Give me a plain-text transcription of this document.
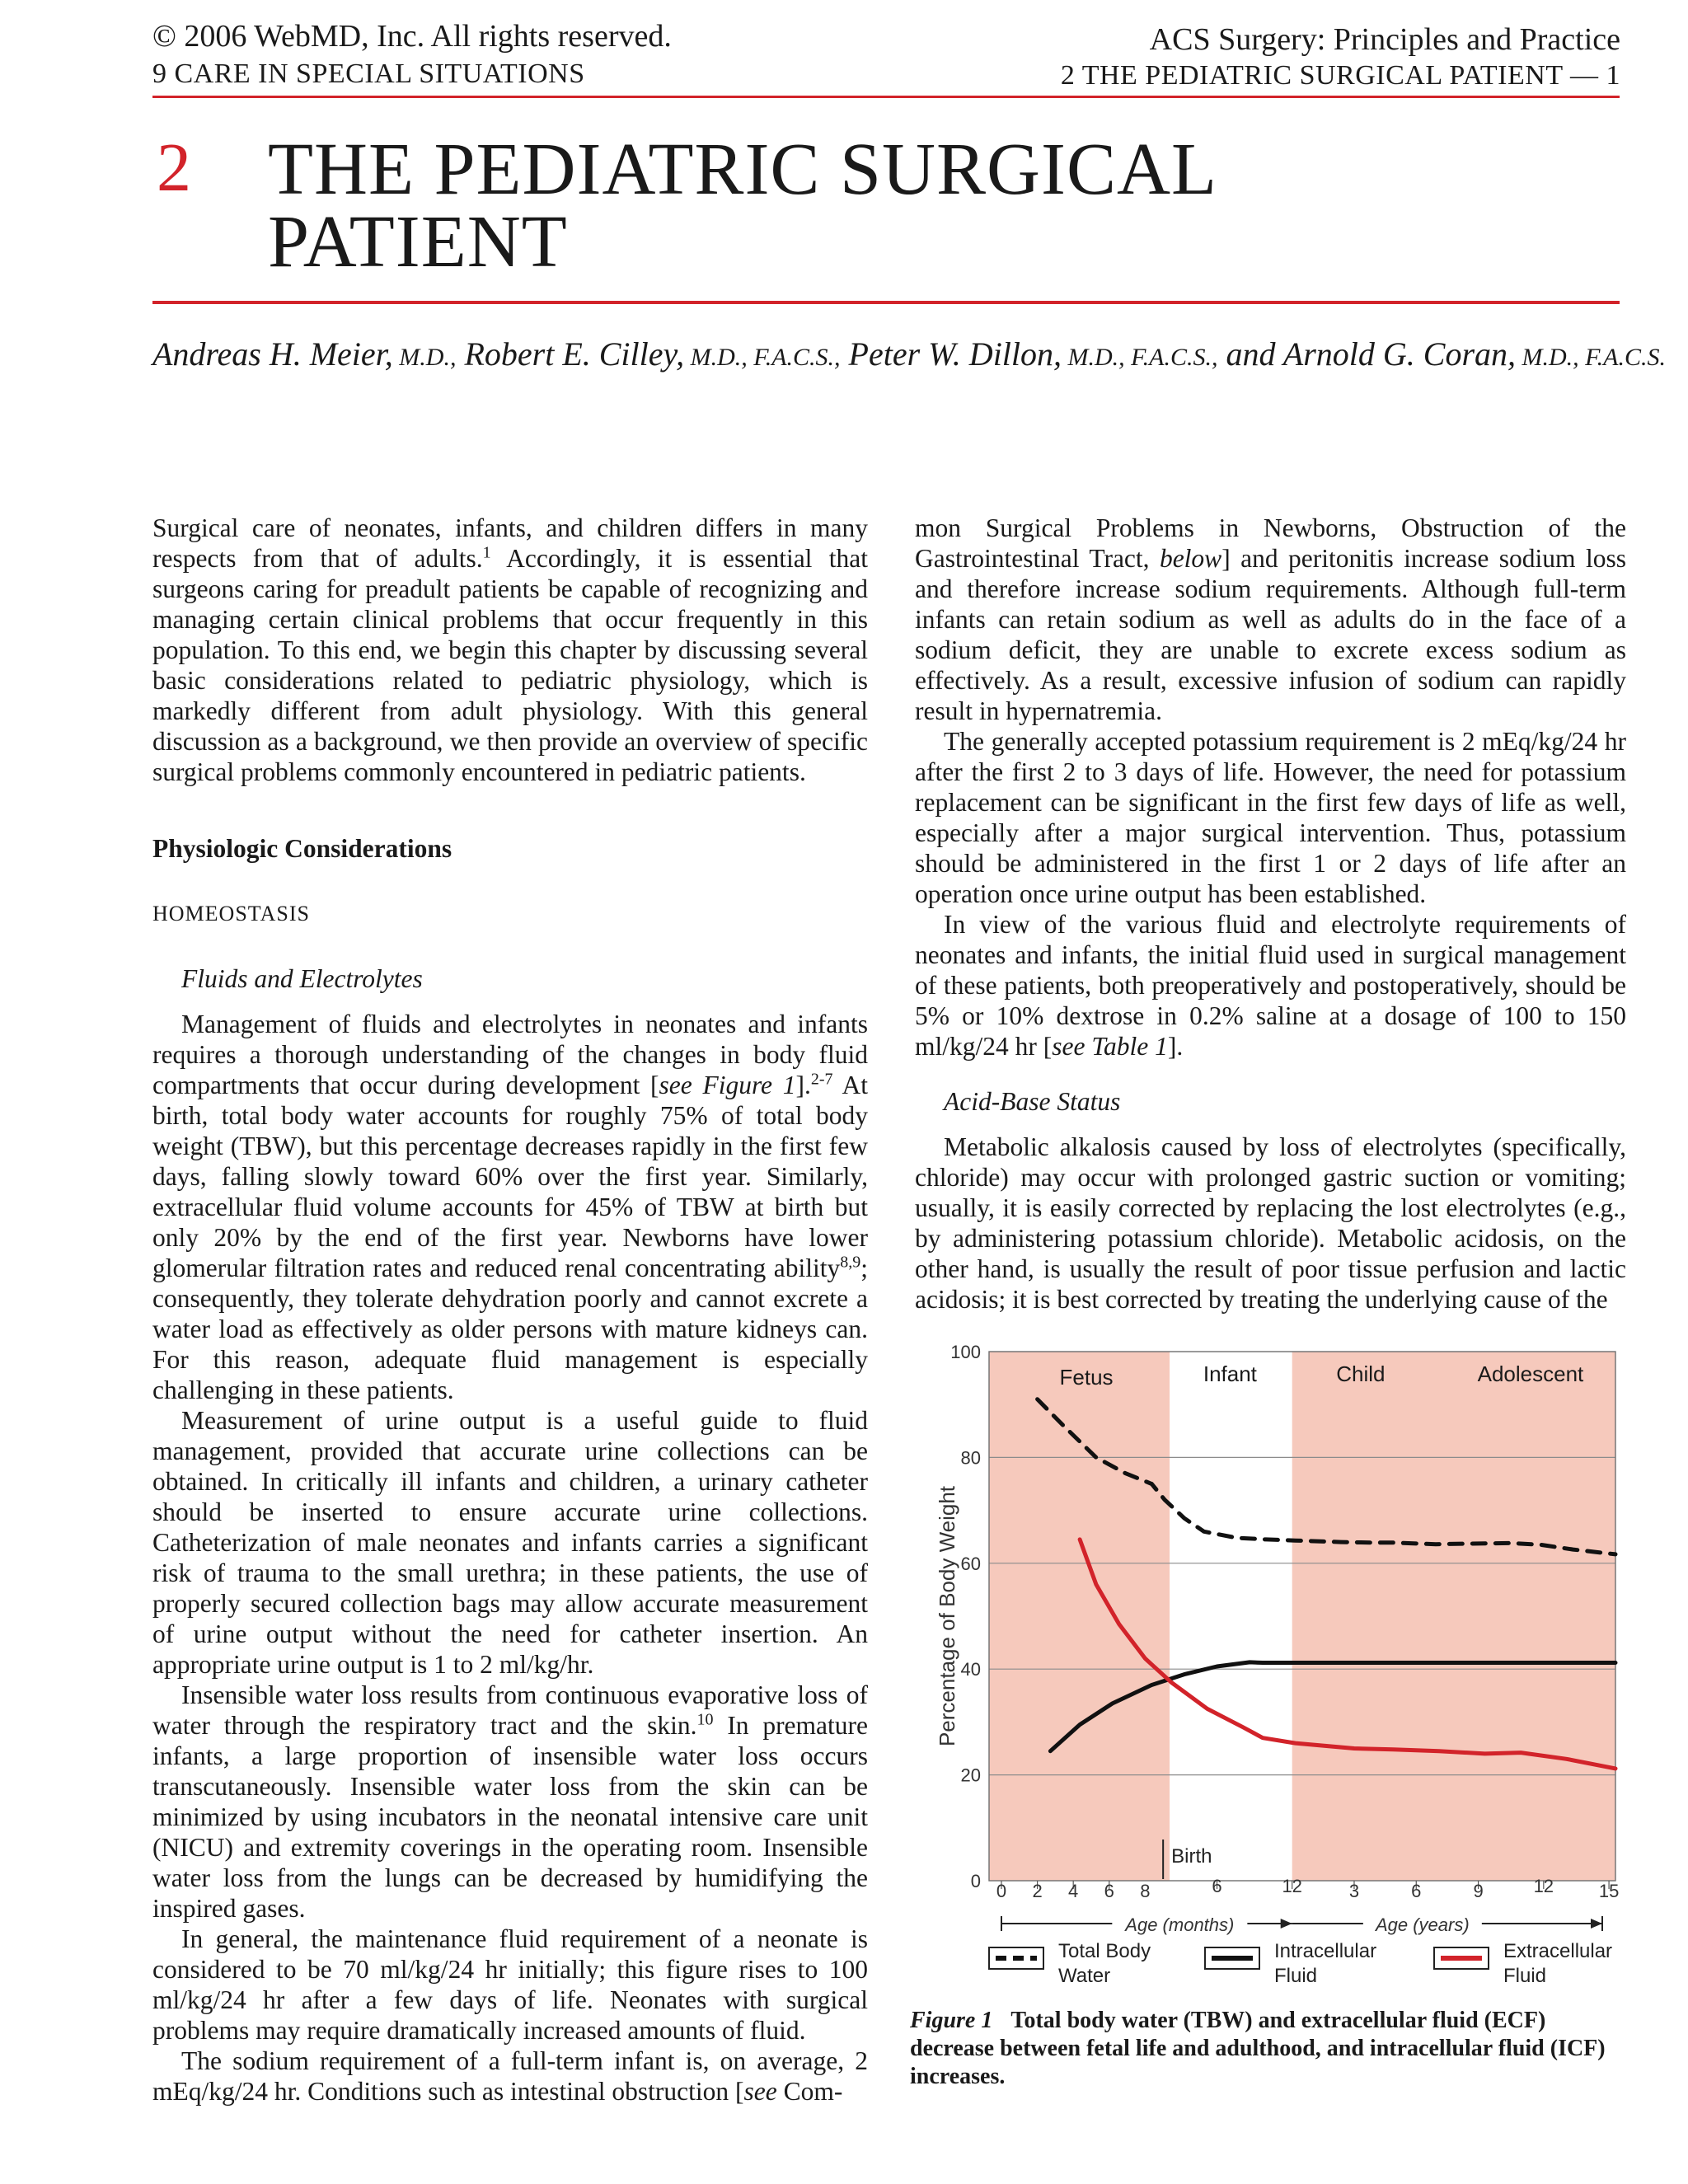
© 2006 WebMD, Inc. All rights reserved.
9 CARE IN SPECIAL SITUATIONS
ACS Surgery: Principles and Practice
2 THE PEDIATRIC SURGICAL PATIENT — 1
2 THE PEDIATRIC SURGICAL
PATIENT
Andreas H. Meier, M.D., Robert E. Cilley, M.D., F.A.C.S., Peter W. Dillon, M.D., F.A.C.S., and Arnold G. Coran, M.D., F.A.C.S.

Surgical care of neonates, infants, and children differs in many respects from that of adults.$^1$ Accordingly, it is essential that surgeons caring for preadult patients be capable of recognizing and managing certain clinical problems that occur frequently in this population. To this end, we begin this chapter by discussing several basic considerations related to pediatric physiology, which is markedly different from adult physiology. With this general discussion as a background, we then provide an overview of specific surgical problems commonly encountered in pediatric patients.

Physiologic Considerations
HOMEOSTASIS
Fluids and Electrolytes

Management of fluids and electrolytes in neonates and infants requires a thorough understanding of the changes in body fluid compartments that occur during development [see Figure 1].$^{2-7}$ At birth, total body water accounts for roughly 75% of total body weight (TBW), but this percentage decreases rapidly in the first few days, falling slowly toward 60% over the first year. Similarly, extracellular fluid volume accounts for 45% of TBW at birth but only 20% by the end of the first year. Newborns have lower glomerular filtration rates and reduced renal concentrating ability$^{8,9}$; consequently, they tolerate dehydration poorly and cannot excrete a water load as effectively as older persons with mature kidneys can. For this reason, adequate fluid management is especially challenging in these patients.

Measurement of urine output is a useful guide to fluid management, provided that accurate urine collections can be obtained. In critically ill infants and children, a urinary catheter should be inserted to ensure accurate urine collections. Catheterization of male neonates and infants carries a significant risk of trauma to the small urethra; in these patients, the use of properly secured collection bags may allow accurate measurement of urine output without the need for catheter insertion. An appropriate urine output is 1 to 2 ml/kg/hr.

Insensible water loss results from continuous evaporative loss of water through the respiratory tract and the skin.$^{10}$ In premature infants, a large proportion of insensible water loss occurs transcutaneously. Insensible water loss from the skin can be minimized by using incubators in the neonatal intensive care unit (NICU) and extremity coverings in the operating room. Insensible water loss from the lungs can be decreased by humidifying the inspired gases.

In general, the maintenance fluid requirement of a neonate is considered to be 70 ml/kg/24 hr initially; this figure rises to 100 ml/kg/24 hr after a few days of life. Neonates with surgical problems may require dramatically increased amounts of fluid.

The sodium requirement of a full-term infant is, on average, 2 mEq/kg/24 hr. Conditions such as intestinal obstruction [see Com-

mon Surgical Problems in Newborns, Obstruction of the Gastrointestinal Tract, below] and peritonitis increase sodium loss and therefore increase sodium requirements. Although full-term infants can retain sodium as well as adults do in the face of a sodium deficit, they are unable to excrete excess sodium as effectively. As a result, excessive infusion of sodium can rapidly result in hypernatremia.

The generally accepted potassium requirement is 2 mEq/kg/24 hr after the first 2 to 3 days of life. However, the need for potassium replacement can be significant in the first few days of life as well, especially after a major surgical intervention. Thus, potassium should be administered in the first 1 or 2 days of life after an operation once urine output has been established.

In view of the various fluid and electrolyte requirements of neonates and infants, the initial fluid used in surgical management of these patients, both preoperatively and postoperatively, should be 5% or 10% dextrose in 0.2% saline at a dosage of 100 to 150 ml/kg/24 hr [see Table 1].

Acid-Base Status

Metabolic alkalosis caused by loss of electrolytes (specifically, chloride) may occur with prolonged gastric suction or vomiting; usually, it is easily corrected by replacing the lost electrolytes (e.g., by administering potassium chloride). Metabolic acidosis, on the other hand, is usually the result of poor tissue perfusion and lactic acidosis; it is best corrected by treating the underlying cause of the

0
20
40
60
80
100
Percentage of Body Weight
Fetus	Infant	Child	Adolescent
0 2 4 6 8	6	12	3	6	9	12 15
Birth
Age (months)	Age (years)
Total Body
Water
Intracellular
Fluid
Extracellular
Fluid
Figure 1 Total body water (TBW) and extracellular fluid (ECF) decrease between fetal life and adulthood, and intracellular fluid (ICF) increases.
